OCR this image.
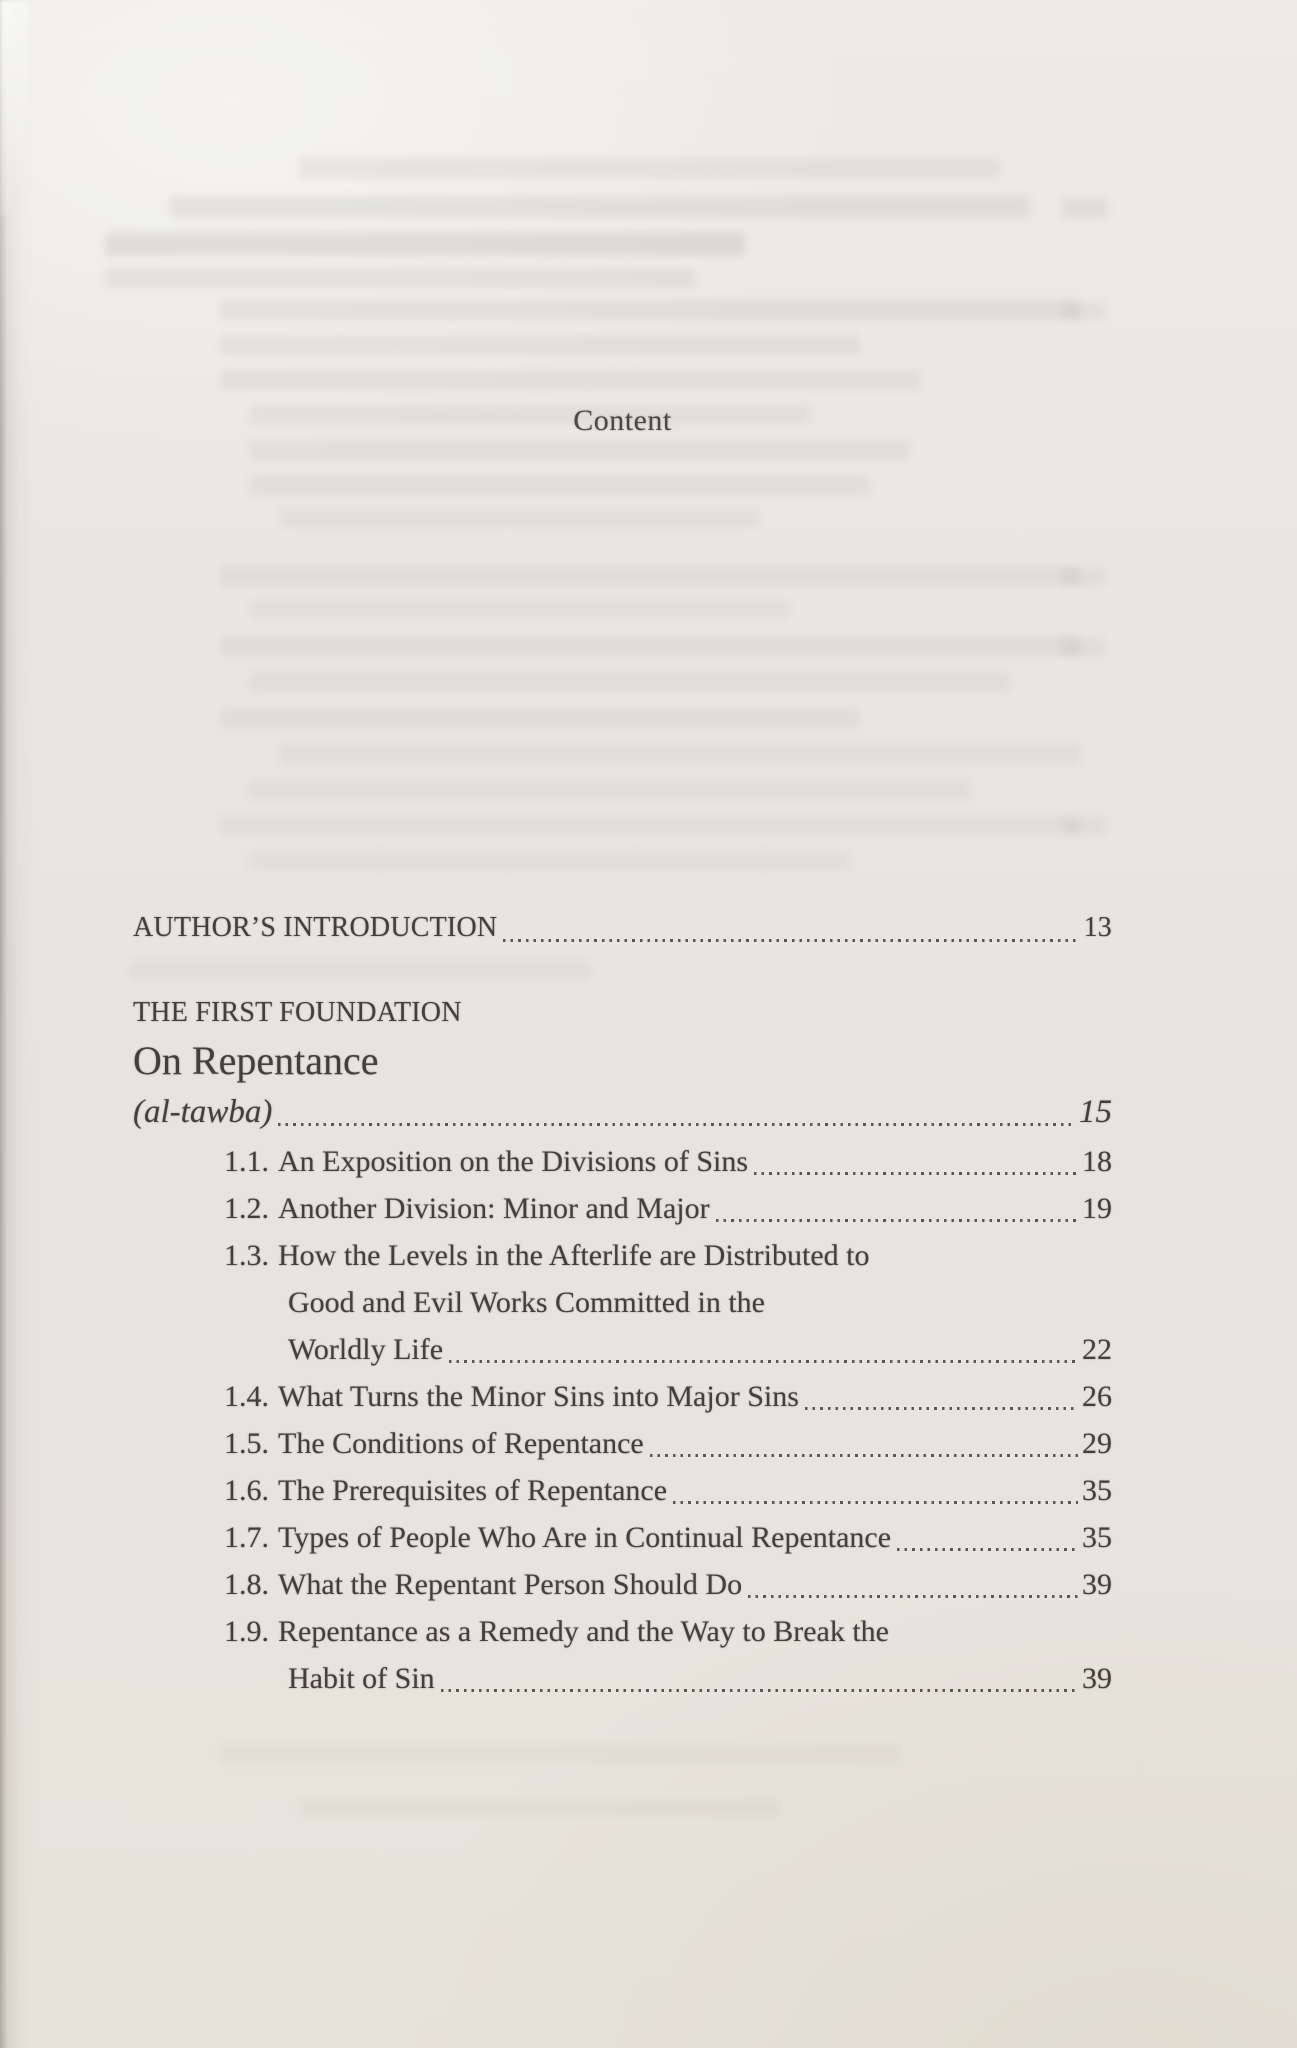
Content
AUTHOR’S INTRODUCTION	13
THE FIRST FOUNDATION
On Repentance
(al-tawba)	15
1.1. An Exposition on the Divisions of Sins	18
1.2. Another Division: Minor and Major	19
1.3. How the Levels in the Afterlife are Distributed to
Good and Evil Works Committed in the
Worldly Life	22
1.4. What Turns the Minor Sins into Major Sins	26
1.5. The Conditions of Repentance	29
1.6. The Prerequisites of Repentance	35
1.7. Types of People Who Are in Continual Repentance	35
1.8. What the Repentant Person Should Do	39
1.9. Repentance as a Remedy and the Way to Break the
Habit of Sin	39
